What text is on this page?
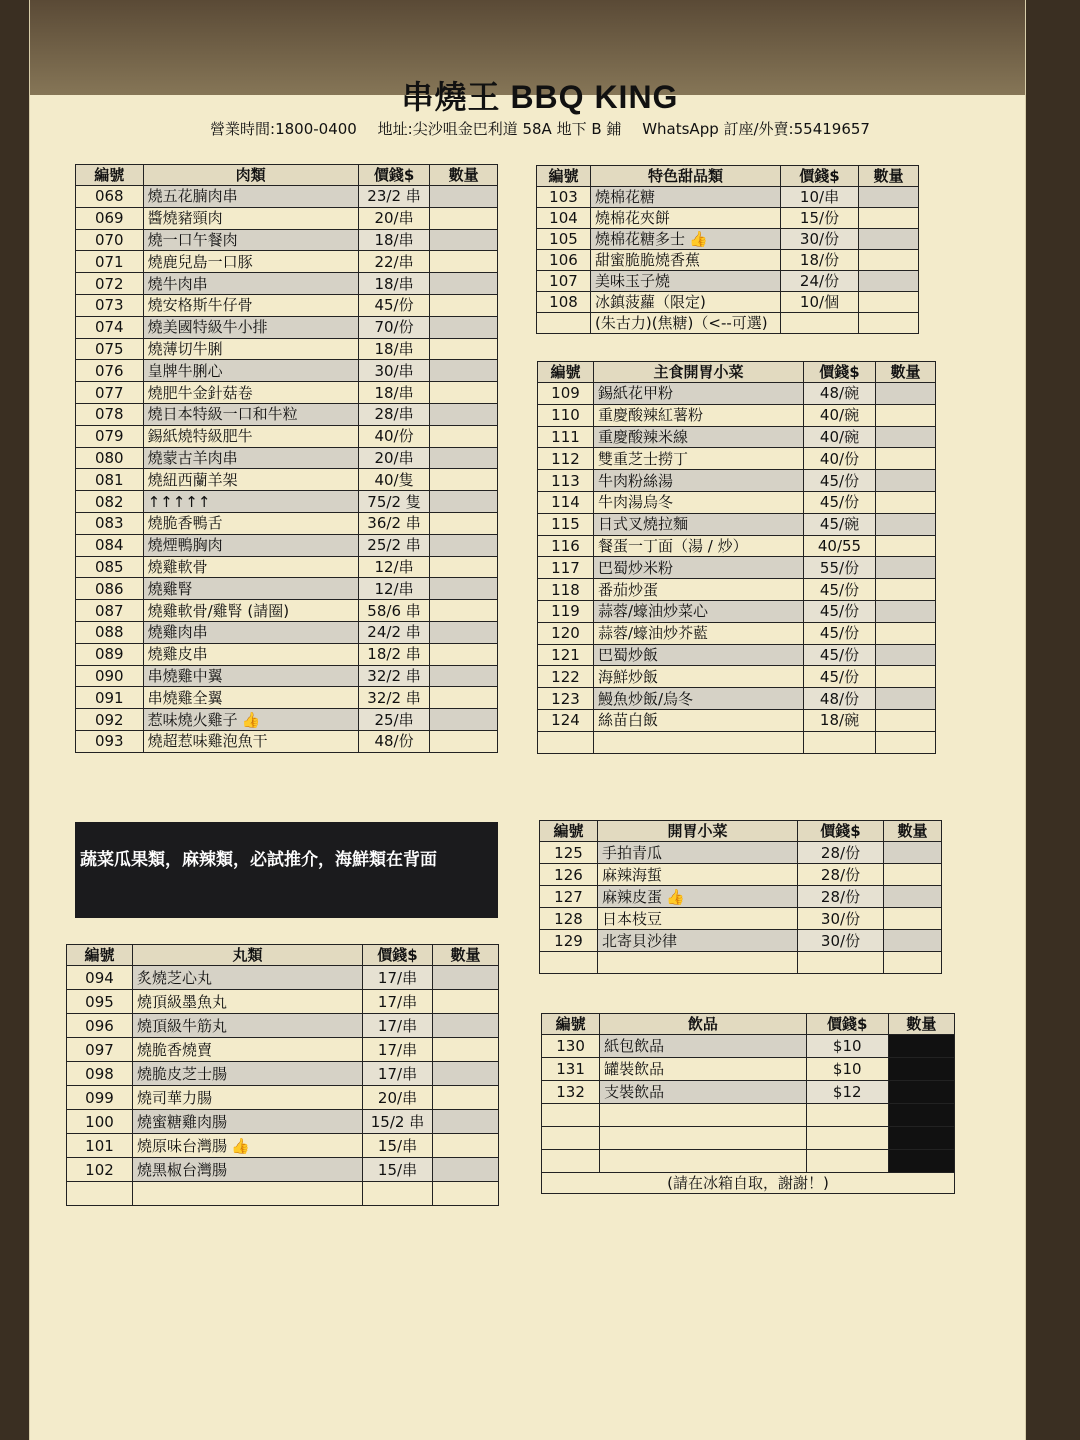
串燒王 BBQ KING
營業時間:1800-0400 地址:尖沙咀金巴利道 58A 地下 B 鋪 WhatsApp 訂座/外賣:55419657
編號	肉類	價錢$	數量
068	燒五花腩肉串	23/2 串	
069	醬燒豬頸肉	20/串	
070	燒一口午餐肉	18/串	
071	燒鹿兒島一口豚	22/串	
072	燒牛肉串	18/串	
073	燒安格斯牛仔骨	45/份	
074	燒美國特級牛小排	70/份	
075	燒薄切牛脷	18/串	
076	皇牌牛脷心	30/串	
077	燒肥牛金針菇卷	18/串	
078	燒日本特級一口和牛粒	28/串	
079	錫紙燒特級肥牛	40/份	
080	燒蒙古羊肉串	20/串	
081	燒紐西蘭羊架	40/隻	
082	↑↑↑↑↑	75/2 隻	
083	燒脆香鴨舌	36/2 串	
084	燒煙鴨胸肉	25/2 串	
085	燒雞軟骨	12/串	
086	燒雞腎	12/串	
087	燒雞軟骨/雞腎 (請圈)	58/6 串	
088	燒雞肉串	24/2 串	
089	燒雞皮串	18/2 串	
090	串燒雞中翼	32/2 串	
091	串燒雞全翼	32/2 串	
092	惹味燒火雞子 👍	25/串	
093	燒超惹味雞泡魚干	48/份	
編號	特色甜品類	價錢$	數量
103	燒棉花糖	10/串	
104	燒棉花夾餅	15/份	
105	燒棉花糖多士 👍	30/份	
106	甜蜜脆脆燒香蕉	18/份	
107	美味玉子燒	24/份	
108	冰鎮菠蘿（限定)	10/個	
	(朱古力)(焦糖)（<--可選)		
編號	主食開胃小菜	價錢$	數量
109	錫紙花甲粉	48/碗	
110	重慶酸辣紅薯粉	40/碗	
111	重慶酸辣米線	40/碗	
112	雙重芝士撈丁	40/份	
113	牛肉粉絲湯	45/份	
114	牛肉湯烏冬	45/份	
115	日式叉燒拉麵	45/碗	
116	餐蛋一丁面（湯 / 炒）	40/55	
117	巴蜀炒米粉	55/份	
118	番茄炒蛋	45/份	
119	蒜蓉/蠔油炒菜心	45/份	
120	蒜蓉/蠔油炒芥藍	45/份	
121	巴蜀炒飯	45/份	
122	海鮮炒飯	45/份	
123	鰻魚炒飯/烏冬	48/份	
124	絲苗白飯	18/碗	

蔬菜瓜果類，麻辣類，必試推介，海鮮類在背面
編號	丸類	價錢$	數量
094	炙燒芝心丸	17/串	
095	燒頂級墨魚丸	17/串	
096	燒頂級牛筋丸	17/串	
097	燒脆香燒賣	17/串	
098	燒脆皮芝士腸	17/串	
099	燒司華力腸	20/串	
100	燒蜜糖雞肉腸	15/2 串	
101	燒原味台灣腸 👍	15/串	
102	燒黑椒台灣腸	15/串	

編號	開胃小菜	價錢$	數量
125	手拍青瓜	28/份	
126	麻辣海蜇	28/份	
127	麻辣皮蛋 👍	28/份	
128	日本枝豆	30/份	
129	北寄貝沙律	30/份	

編號	飲品	價錢$	數量
130	紙包飲品	$10	
131	罐裝飲品	$10	
132	支裝飲品	$12	

(請在冰箱自取，謝謝！)			
